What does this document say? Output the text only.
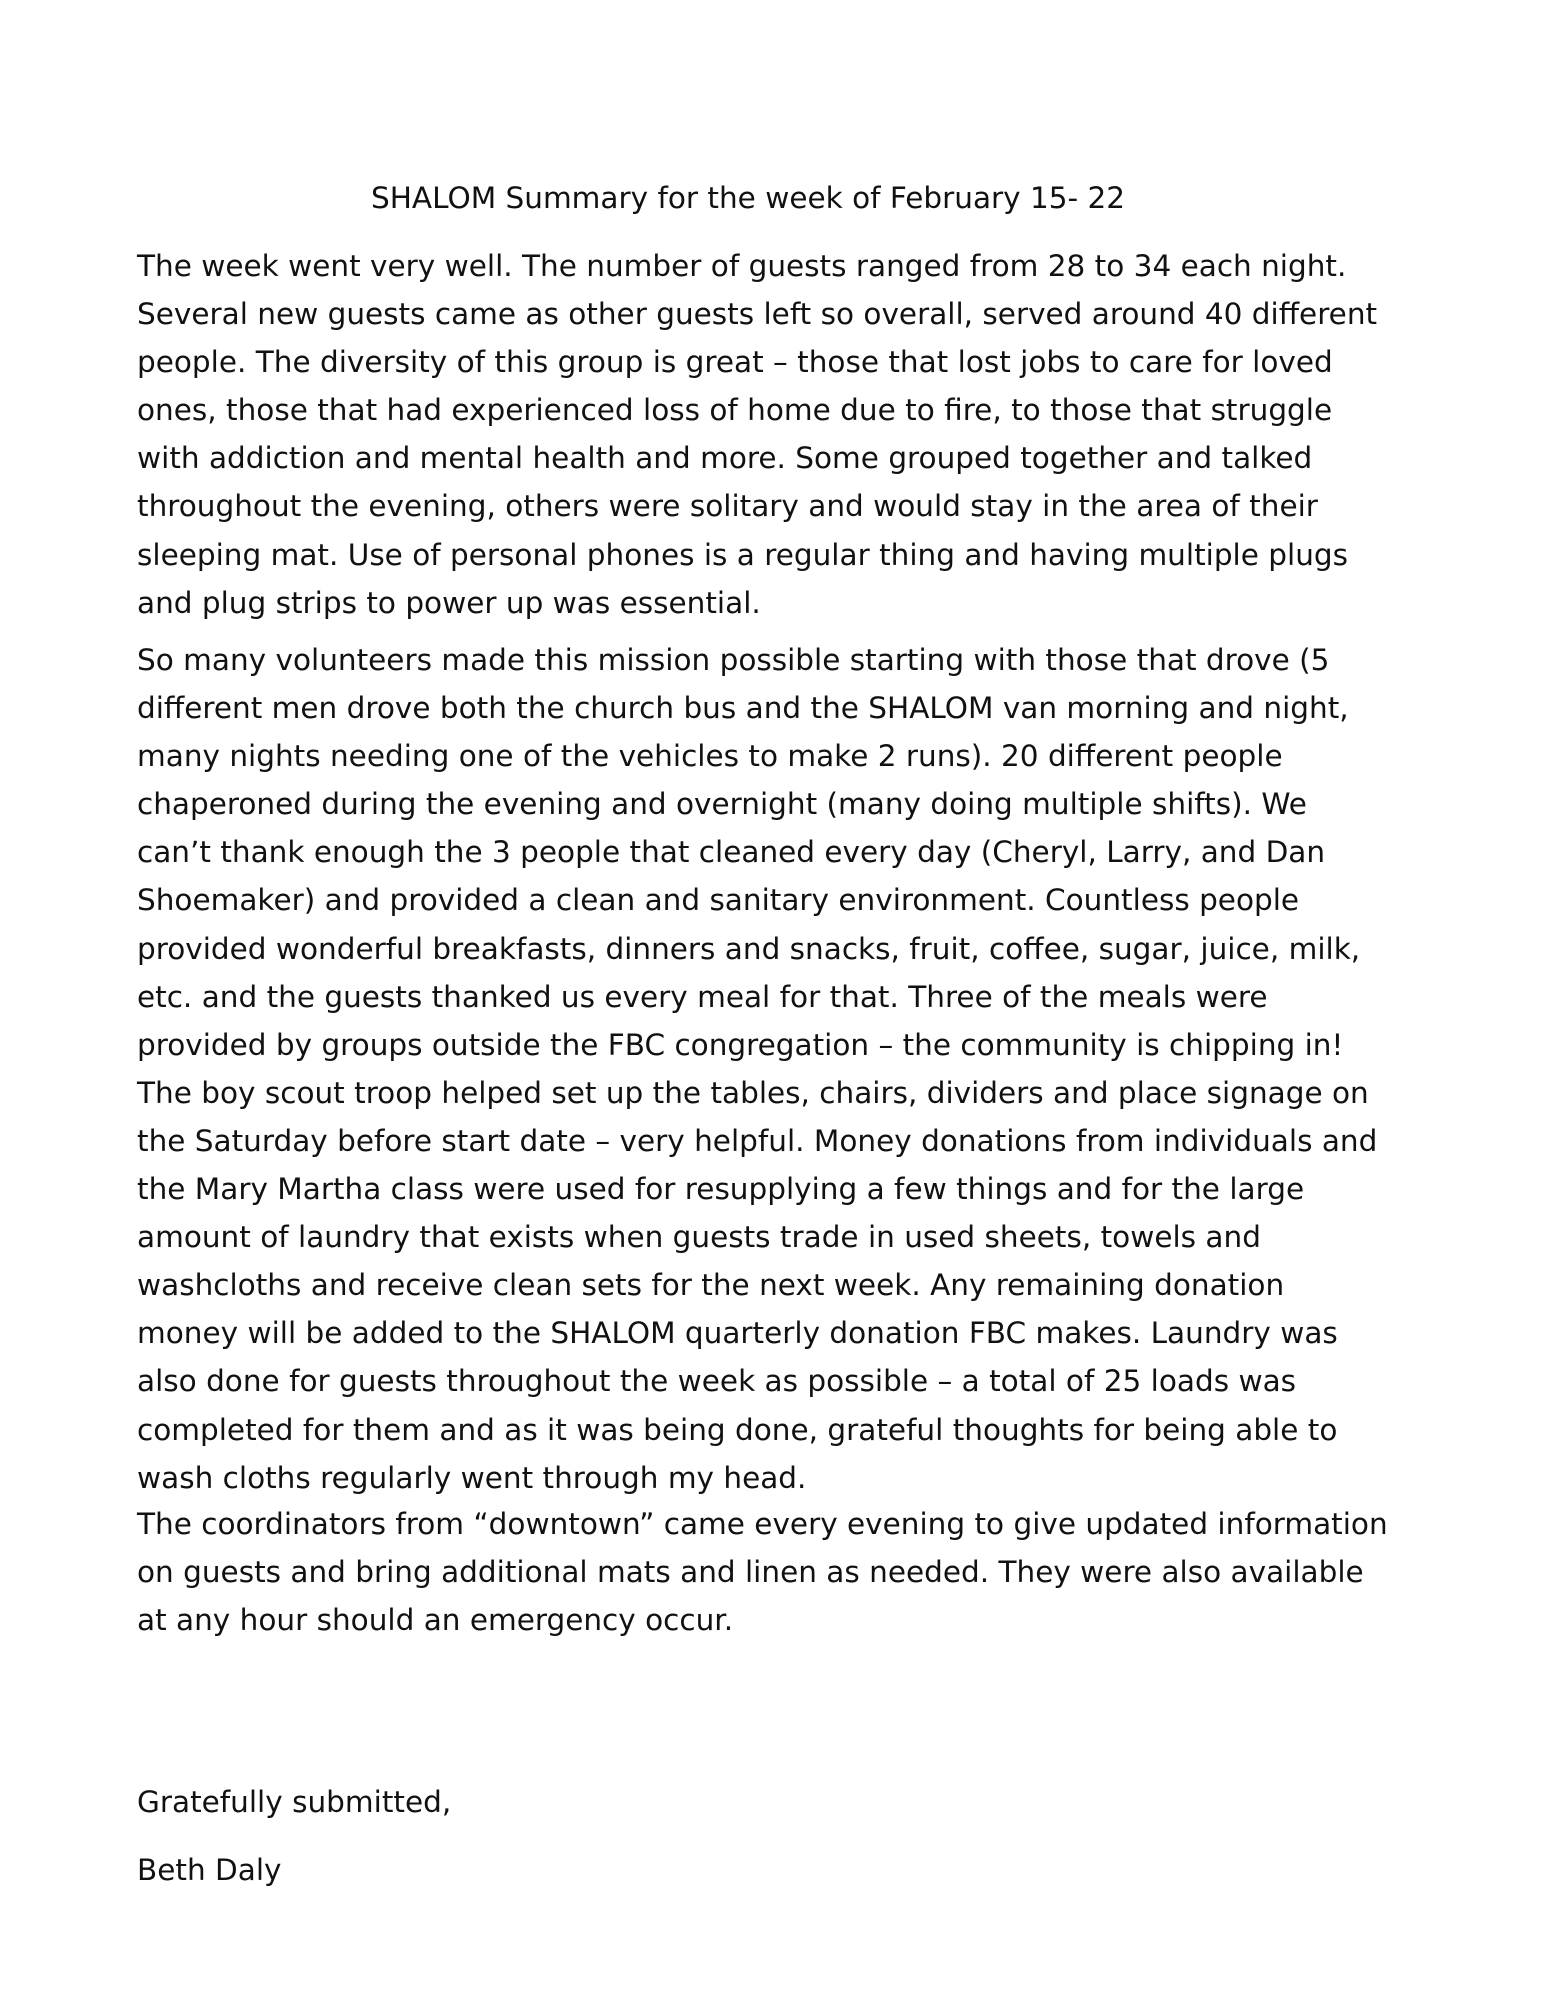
SHALOM Summary for the week of February 15- 22

The week went very well. The number of guests ranged from 28 to 34 each night.
Several new guests came as other guests left so overall, served around 40 different
people. The diversity of this group is great – those that lost jobs to care for loved
ones, those that had experienced loss of home due to fire, to those that struggle
with addiction and mental health and more. Some grouped together and talked
throughout the evening, others were solitary and would stay in the area of their
sleeping mat. Use of personal phones is a regular thing and having multiple plugs
and plug strips to power up was essential.

So many volunteers made this mission possible starting with those that drove (5
different men drove both the church bus and the SHALOM van morning and night,
many nights needing one of the vehicles to make 2 runs). 20 different people
chaperoned during the evening and overnight (many doing multiple shifts). We
can’t thank enough the 3 people that cleaned every day (Cheryl, Larry, and Dan
Shoemaker) and provided a clean and sanitary environment. Countless people
provided wonderful breakfasts, dinners and snacks, fruit, coffee, sugar, juice, milk,
etc. and the guests thanked us every meal for that. Three of the meals were
provided by groups outside the FBC congregation – the community is chipping in!
The boy scout troop helped set up the tables, chairs, dividers and place signage on
the Saturday before start date – very helpful. Money donations from individuals and
the Mary Martha class were used for resupplying a few things and for the large
amount of laundry that exists when guests trade in used sheets, towels and
washcloths and receive clean sets for the next week. Any remaining donation
money will be added to the SHALOM quarterly donation FBC makes. Laundry was
also done for guests throughout the week as possible – a total of 25 loads was
completed for them and as it was being done, grateful thoughts for being able to
wash cloths regularly went through my head.

The coordinators from “downtown” came every evening to give updated information
on guests and bring additional mats and linen as needed. They were also available
at any hour should an emergency occur.

Gratefully submitted,

Beth Daly
